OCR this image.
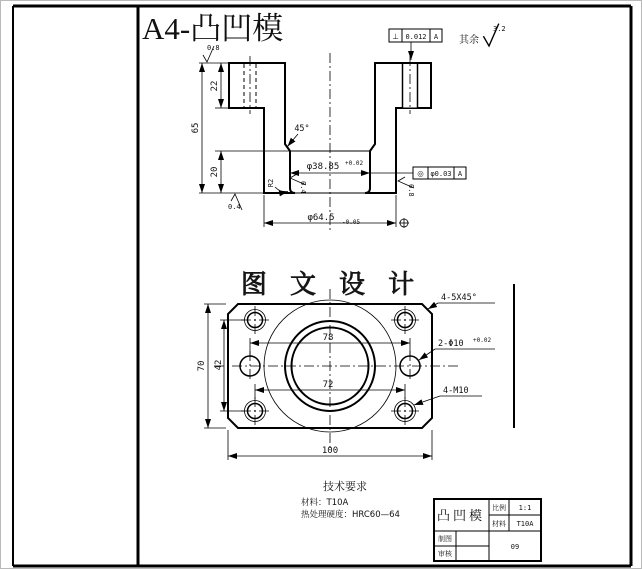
A4-凸凹模	其余
3.2
22
65
20	φ38.85 +0.02
φ64.5 -0.05
45°
R2
0.8
0.4
0.4	0.8
⊥ 0.012 A
◎ φ0.03 A
图 文 设 计
70 42
78
72
100
4-5X45°
2-Φ10 +0.02
4-M10
技术要求
材料：T10A
热处理硬度：HRC60—64	凸凹模
比例 1:1
材料 T10A
制图
审核
09
